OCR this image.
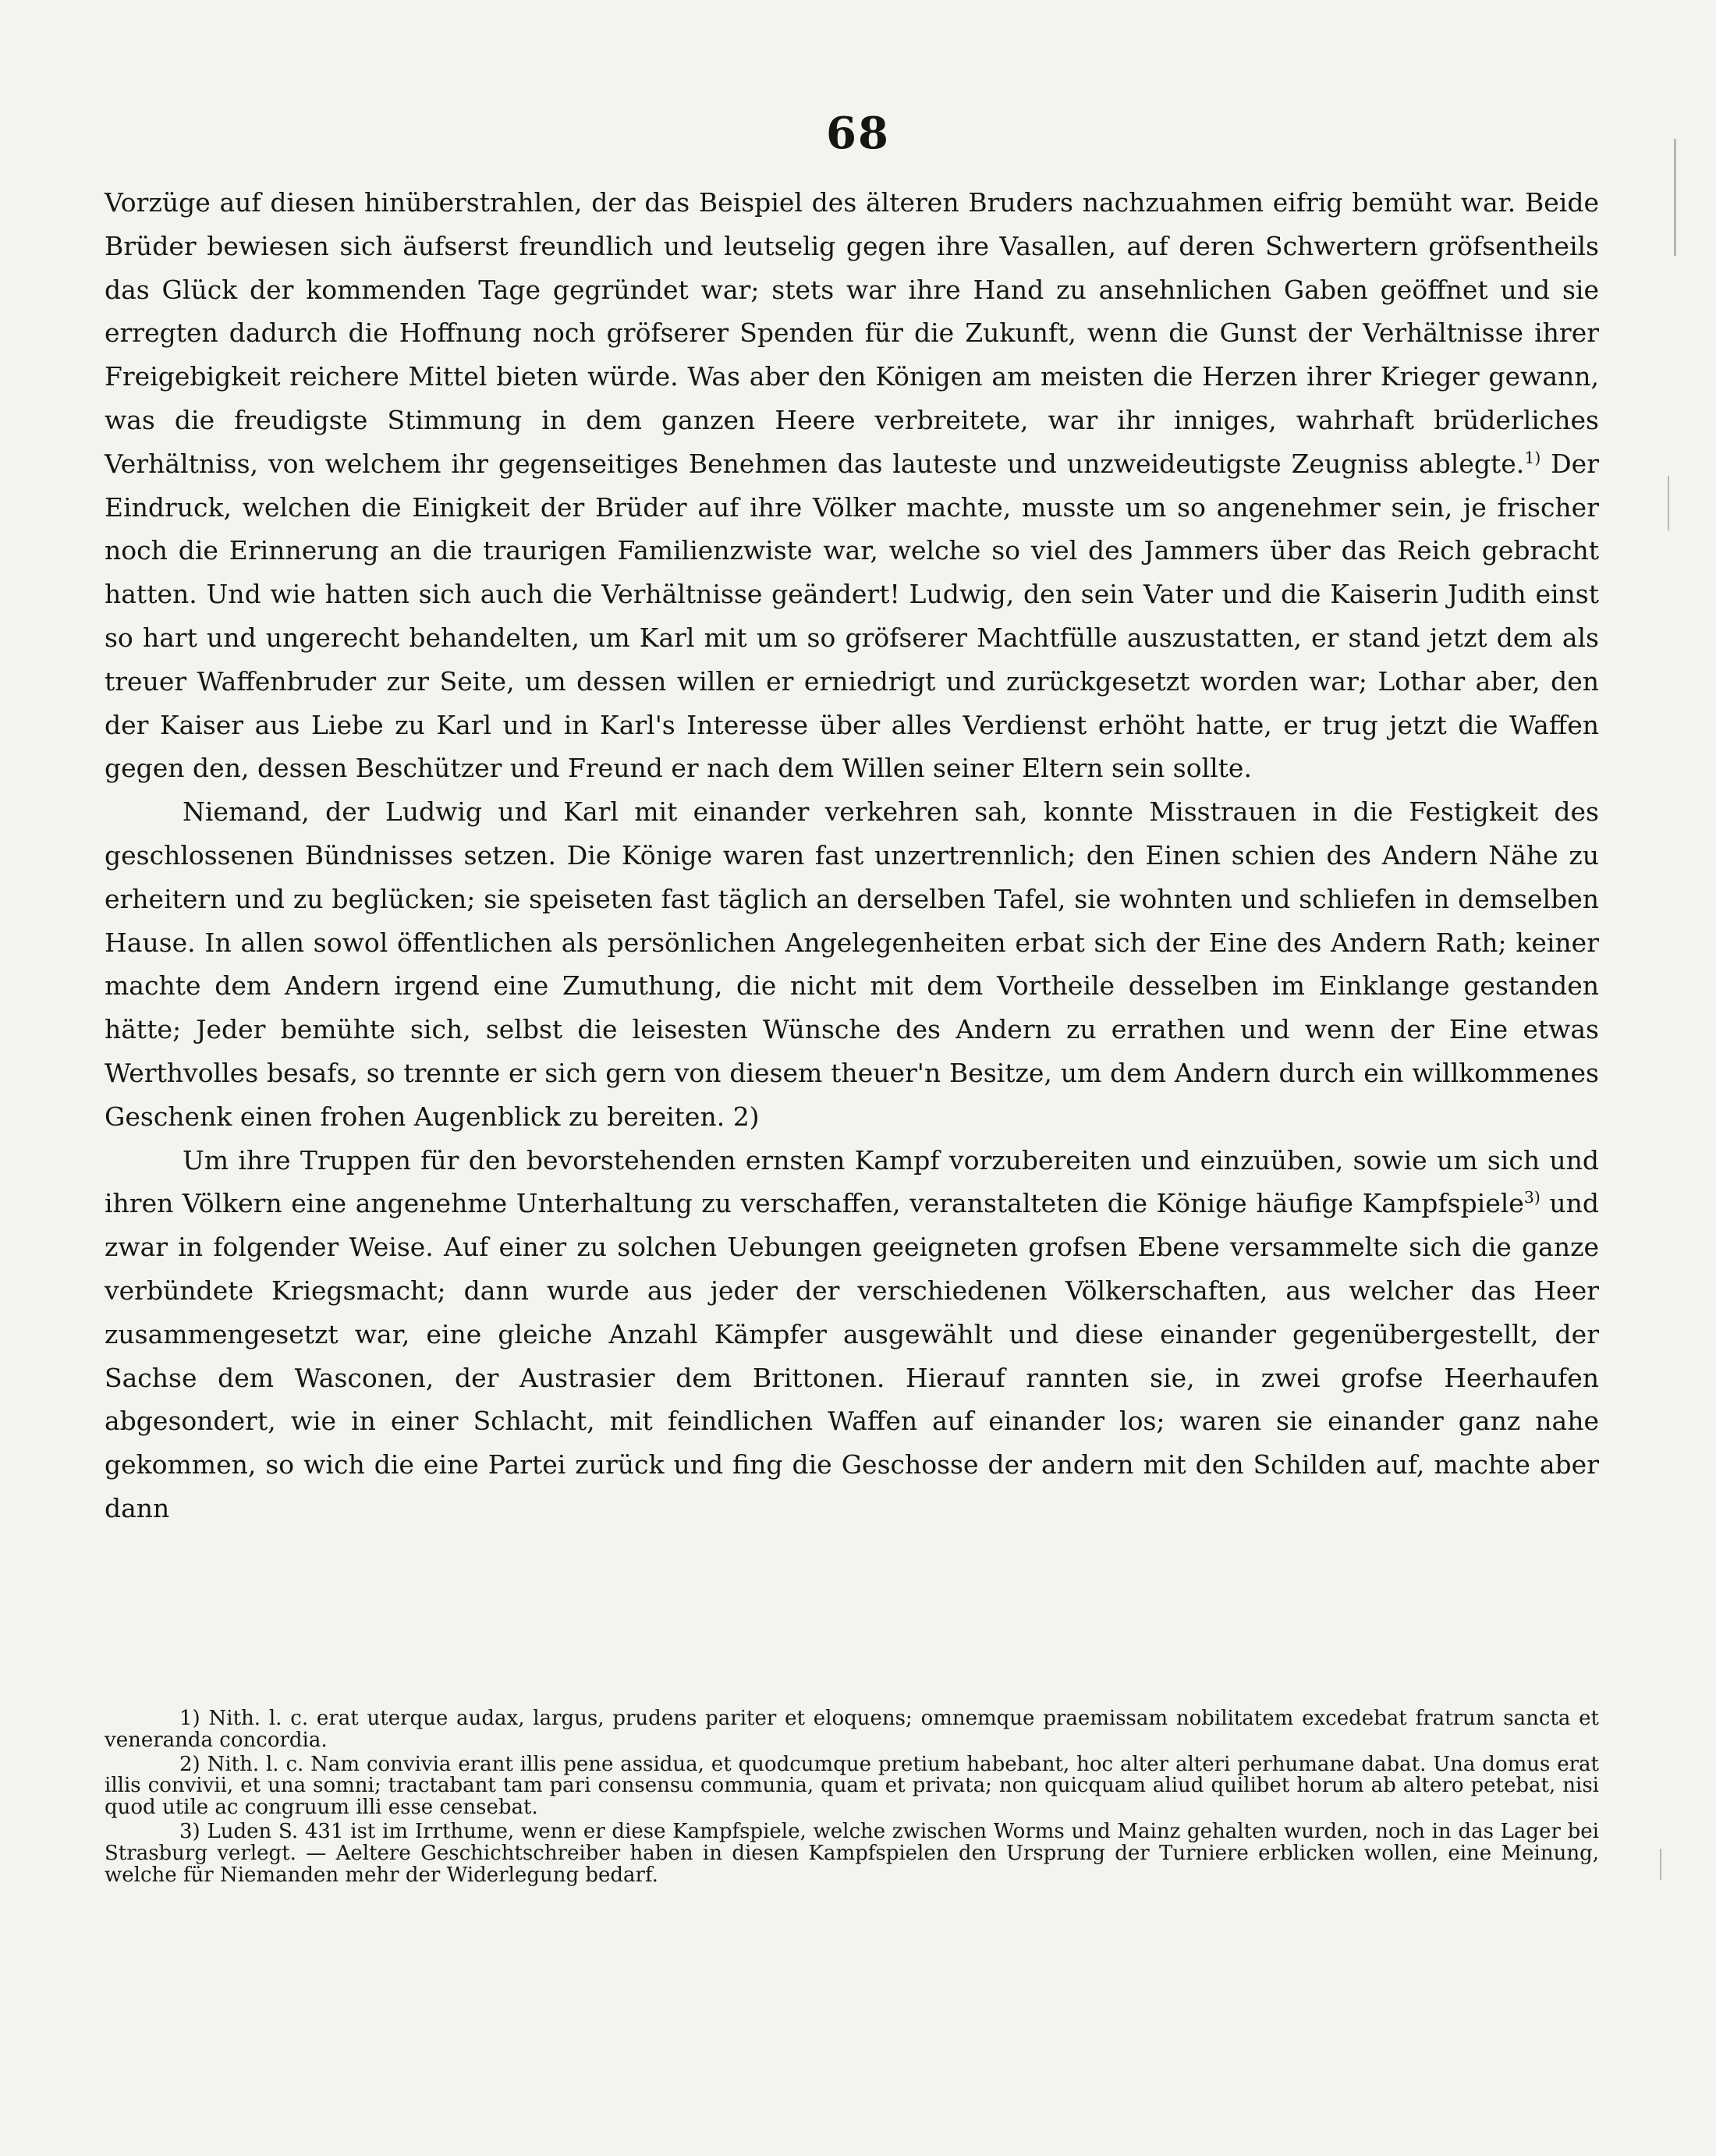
68

Vorzüge auf diesen hinüberstrahlen, der das Beispiel des älteren Bruders nachzuahmen eifrig bemüht war. Beide Brüder bewiesen sich äufserst freundlich und leutselig gegen ihre Vasallen, auf deren Schwertern gröfsentheils das Glück der kommenden Tage gegründet war; stets war ihre Hand zu ansehnlichen Gaben geöffnet und sie erregten dadurch die Hoffnung noch gröfserer Spenden für die Zukunft, wenn die Gunst der Verhältnisse ihrer Freigebigkeit reichere Mittel bieten würde. Was aber den Königen am meisten die Herzen ihrer Krieger gewann, was die freudigste Stimmung in dem ganzen Heere verbreitete, war ihr inniges, wahrhaft brüderliches Verhältniss, von welchem ihr gegenseitiges Benehmen das lauteste und unzweideutigste Zeugniss ablegte.$^{1)}$ Der Eindruck, welchen die Einigkeit der Brüder auf ihre Völker machte, musste um so angenehmer sein, je frischer noch die Erinnerung an die traurigen Familienzwiste war, welche so viel des Jammers über das Reich gebracht hatten. Und wie hatten sich auch die Verhältnisse geändert! Ludwig, den sein Vater und die Kaiserin Judith einst so hart und ungerecht behandelten, um Karl mit um so gröfserer Machtfülle auszustatten, er stand jetzt dem als treuer Waffenbruder zur Seite, um dessen willen er erniedrigt und zurückgesetzt worden war; Lothar aber, den der Kaiser aus Liebe zu Karl und in Karl's Interesse über alles Verdienst erhöht hatte, er trug jetzt die Waffen gegen den, dessen Beschützer und Freund er nach dem Willen seiner Eltern sein sollte.

Niemand, der Ludwig und Karl mit einander verkehren sah, konnte Misstrauen in die Festigkeit des geschlossenen Bündnisses setzen. Die Könige waren fast unzertrennlich; den Einen schien des Andern Nähe zu erheitern und zu beglücken; sie speiseten fast täglich an derselben Tafel, sie wohnten und schliefen in demselben Hause. In allen sowol öffentlichen als persönlichen Angelegenheiten erbat sich der Eine des Andern Rath; keiner machte dem Andern irgend eine Zumuthung, die nicht mit dem Vortheile desselben im Einklange gestanden hätte; Jeder bemühte sich, selbst die leisesten Wünsche des Andern zu errathen und wenn der Eine etwas Werthvolles besafs, so trennte er sich gern von diesem theuer'n Besitze, um dem Andern durch ein willkommenes Geschenk einen frohen Augenblick zu bereiten. 2)

Um ihre Truppen für den bevorstehenden ernsten Kampf vorzubereiten und einzuüben, sowie um sich und ihren Völkern eine angenehme Unterhaltung zu verschaffen, veranstalteten die Könige häufige Kampfspiele$^{3)}$ und zwar in folgender Weise. Auf einer zu solchen Uebungen geeigneten grofsen Ebene versammelte sich die ganze verbündete Kriegsmacht; dann wurde aus jeder der verschiedenen Völkerschaften, aus welcher das Heer zusammengesetzt war, eine gleiche Anzahl Kämpfer ausgewählt und diese einander gegenübergestellt, der Sachse dem Wasconen, der Austrasier dem Brittonen. Hierauf rannten sie, in zwei grofse Heerhaufen abgesondert, wie in einer Schlacht, mit feindlichen Waffen auf einander los; waren sie einander ganz nahe gekommen, so wich die eine Partei zurück und fing die Geschosse der andern mit den Schilden auf, machte aber dann

1) Nith. l. c. erat uterque audax, largus, prudens pariter et eloquens; omnemque praemissam nobilitatem excedebat fratrum sancta et veneranda concordia.

2) Nith. l. c. Nam convivia erant illis pene assidua, et quodcumque pretium habebant, hoc alter alteri perhumane dabat. Una domus erat illis convivii, et una somni; tractabant tam pari consensu communia, quam et privata; non quicquam aliud quilibet horum ab altero petebat, nisi quod utile ac congruum illi esse censebat.

3) Luden S. 431 ist im Irrthume, wenn er diese Kampfspiele, welche zwischen Worms und Mainz gehalten wurden, noch in das Lager bei Strasburg verlegt. — Aeltere Geschichtschreiber haben in diesen Kampfspielen den Ursprung der Turniere erblicken wollen, eine Meinung, welche für Niemanden mehr der Widerlegung bedarf.
